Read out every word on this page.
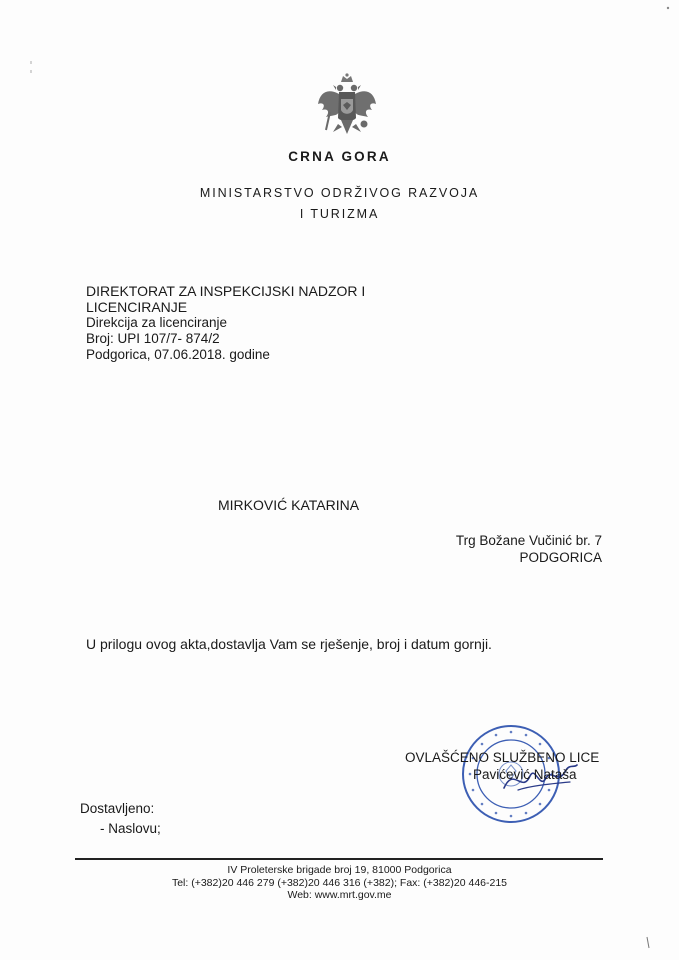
CRNA GORA
MINISTARSTVO ODRŽIVOG RAZVOJA
I TURIZMA
DIREKTORAT ZA INSPEKCIJSKI NADZOR I
LICENCIRANJE
Direkcija za licenciranje
Broj: UPI 107/7- 874/2
Podgorica, 07.06.2018. godine
MIRKOVIĆ KATARINA
Trg Božane Vučinić br. 7
PODGORICA
U prilogu ovog akta,dostavlja Vam se rješenje, broj i datum gornji.
OVLAŠĆENO SLUŽBENO LICE
Pavićević Nataša
Dostavljeno:
- Naslovu;
IV Proleterske brigade broj 19, 81000 Podgorica
Tel: (+382)20 446 279 (+382)20 446 316 (+382); Fax: (+382)20 446-215
Web: www.mrt.gov.me
